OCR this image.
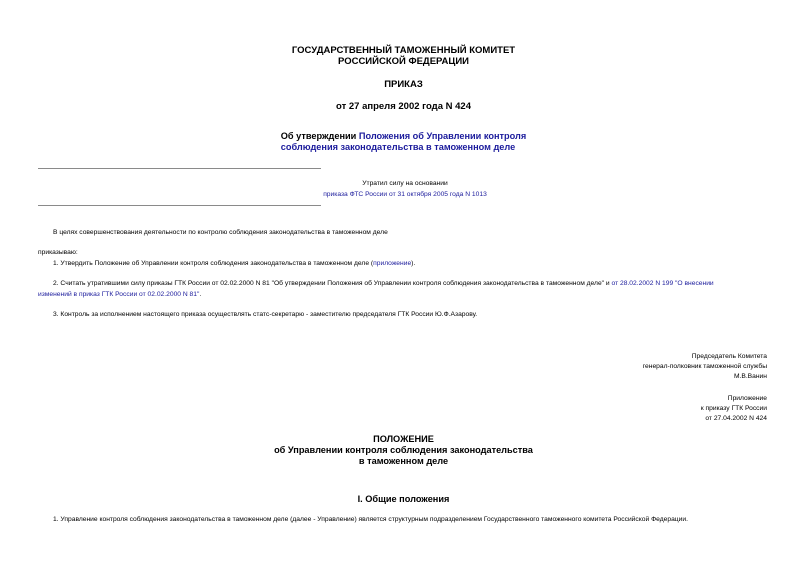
ГОСУДАРСТВЕННЫЙ ТАМОЖЕННЫЙ КОМИТЕТ
РОССИЙСКОЙ ФЕДЕРАЦИИ
ПРИКАЗ
от 27 апреля 2002 года N 424
Об утверждении Положения об Управлении контроля
соблюдения законодательства в таможенном деле
Утратил силу на основании
приказа ФТС России от 31 октября 2005 года N 1013
В целях совершенствования деятельности по контролю соблюдения законодательства в таможенном деле
приказываю:
1. Утвердить Положение об Управлении контроля соблюдения законодательства в таможенном деле (приложение).
2. Считать утратившими силу приказы ГТК России от 02.02.2000 N 81 "Об утверждении Положения об Управлении контроля соблюдения законодательства в таможенном деле" и от 28.02.2002 N 199 "О внесении
изменений в приказ ГТК России от 02.02.2000 N 81".
3. Контроль за исполнением настоящего приказа осуществлять статс-секретарю - заместителю председателя ГТК России Ю.Ф.Азарову.
Председатель Комитета
генерал-полковник таможенной службы
М.В.Ванин
Приложение
к приказу ГТК России
от 27.04.2002 N 424
ПОЛОЖЕНИЕ
об Управлении контроля соблюдения законодательства
в таможенном деле
I. Общие положения
1. Управление контроля соблюдения законодательства в таможенном деле (далее - Управление) является структурным подразделением Государственного таможенного комитета Российской Федерации.
